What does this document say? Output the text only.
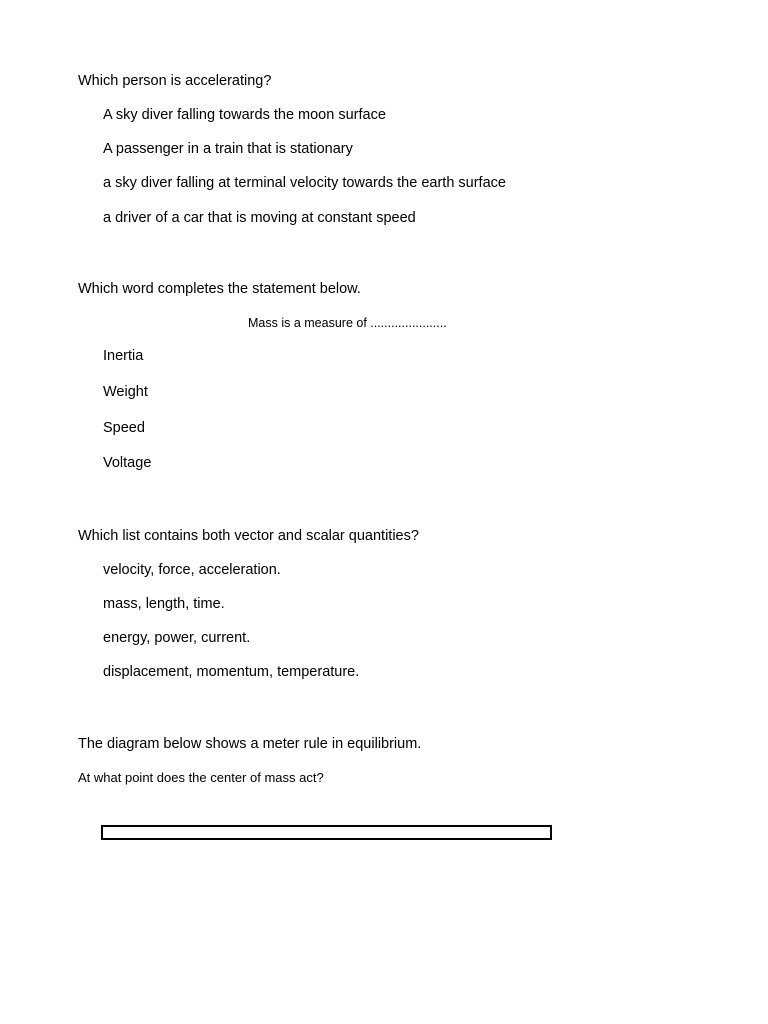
Which person is accelerating?
A sky diver falling towards the moon surface
A passenger in a train that is stationary
a sky diver falling at terminal velocity towards the earth surface
a driver of a car that is moving at constant speed
Which word completes the statement below.
Mass is a measure of ......................
Inertia
Weight
Speed
Voltage
Which list contains both vector and scalar quantities?
velocity, force, acceleration.
mass, length, time.
energy, power, current.
displacement, momentum, temperature.
The diagram below shows a meter rule in equilibrium.
At what point does the center of mass act?
